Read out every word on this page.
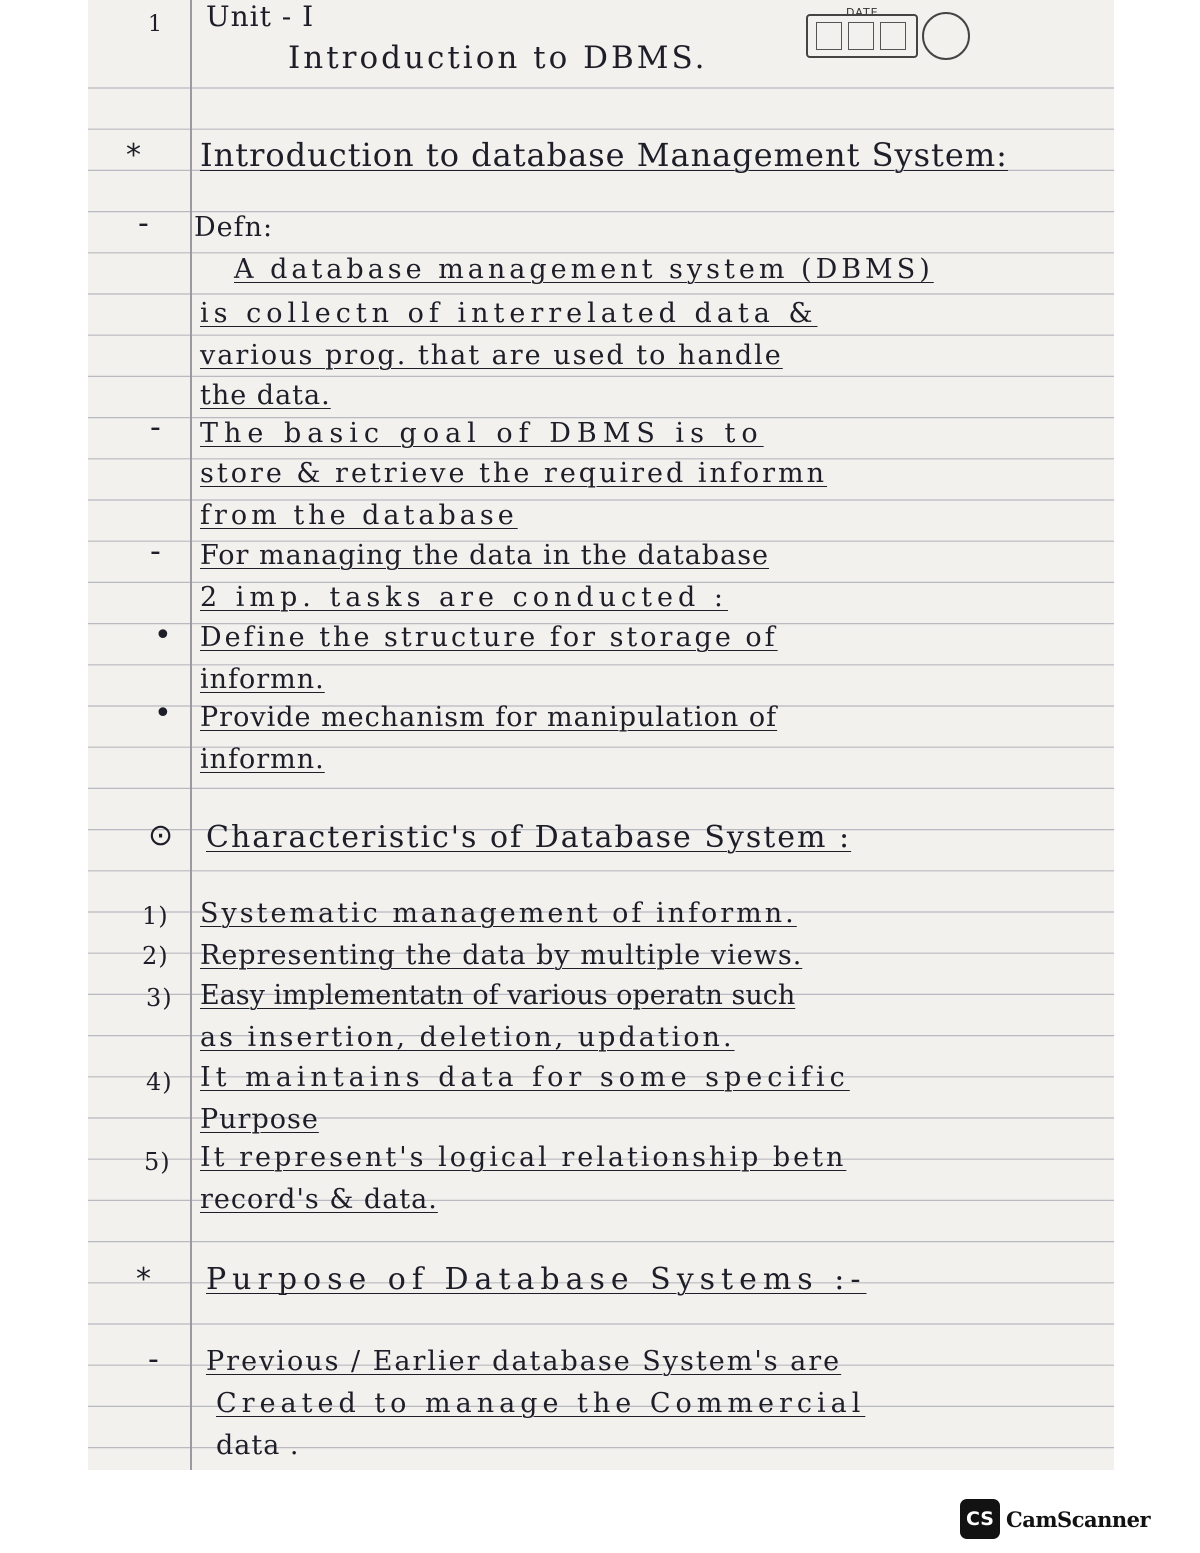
1 Unit - I
Introduction to DBMS.
DATE
* Introduction to database Management System:
- Defn:
A database management system (DBMS)
is collectn of interrelated data &
various prog. that are used to handle
the data.
- The basic goal of DBMS is to
store & retrieve the required informn
from the database
- For managing the data in the database
2 imp. tasks are conducted :
• Define the structure for storage of
informn.
• Provide mechanism for manipulation of
informn.
⊙ Characteristic's of Database System :
1) Systematic management of informn.
2) Representing the data by multiple views.
3) Easy implementatn of various operatn such
as insertion, deletion, updation.
4) It maintains data for some specific
Purpose
5) It represent's logical relationship betn
record's & data.
* Purpose of Database Systems :-
- Previous / Earlier database System's are
Created to manage the Commercial
data .
CS CamScanner
